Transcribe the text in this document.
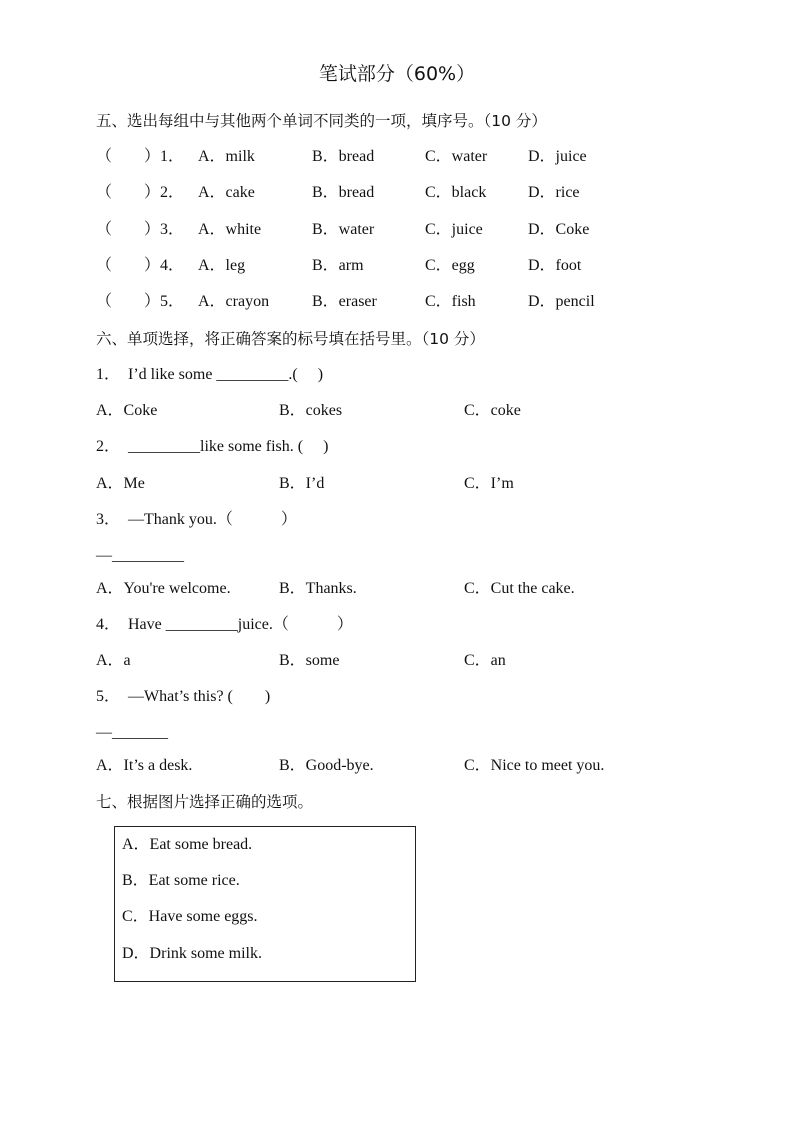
笔试部分（60%）
五、选出每组中与其他两个单词不同类的一项，填序号。（10 分）
（　　）1． A．milk	B．bread	C．water	D．juice
（　　）2． A．cake	B．bread	C．black	D．rice
（　　）3． A．white	B．water	C．juice	D．Coke
（　　）4． A．leg	B．arm	C．egg	D．foot
（　　）5． A．crayon	B．eraser	C．fish	D．pencil
六、单项选择，将正确答案的标号填在括号里。（10 分）
1．　I’d like some _________.(　 )
A．Coke	B．cokes	C．coke
2．　_________like some fish. (　 )
A．Me	B．I’d	C．I’m
3．　—Thank you.（　　　）
—_________
A．You're welcome.	B．Thanks.	C．Cut the cake.
4．　Have _________juice.（　　　）
A．a	B．some	C．an
5．　—What’s this? (　　)
—_______
A．It’s a desk.	B．Good-bye.	C．Nice to meet you.
七、根据图片选择正确的选项。
A．Eat some bread.
B．Eat some rice.
C．Have some eggs.
D．Drink some milk.
